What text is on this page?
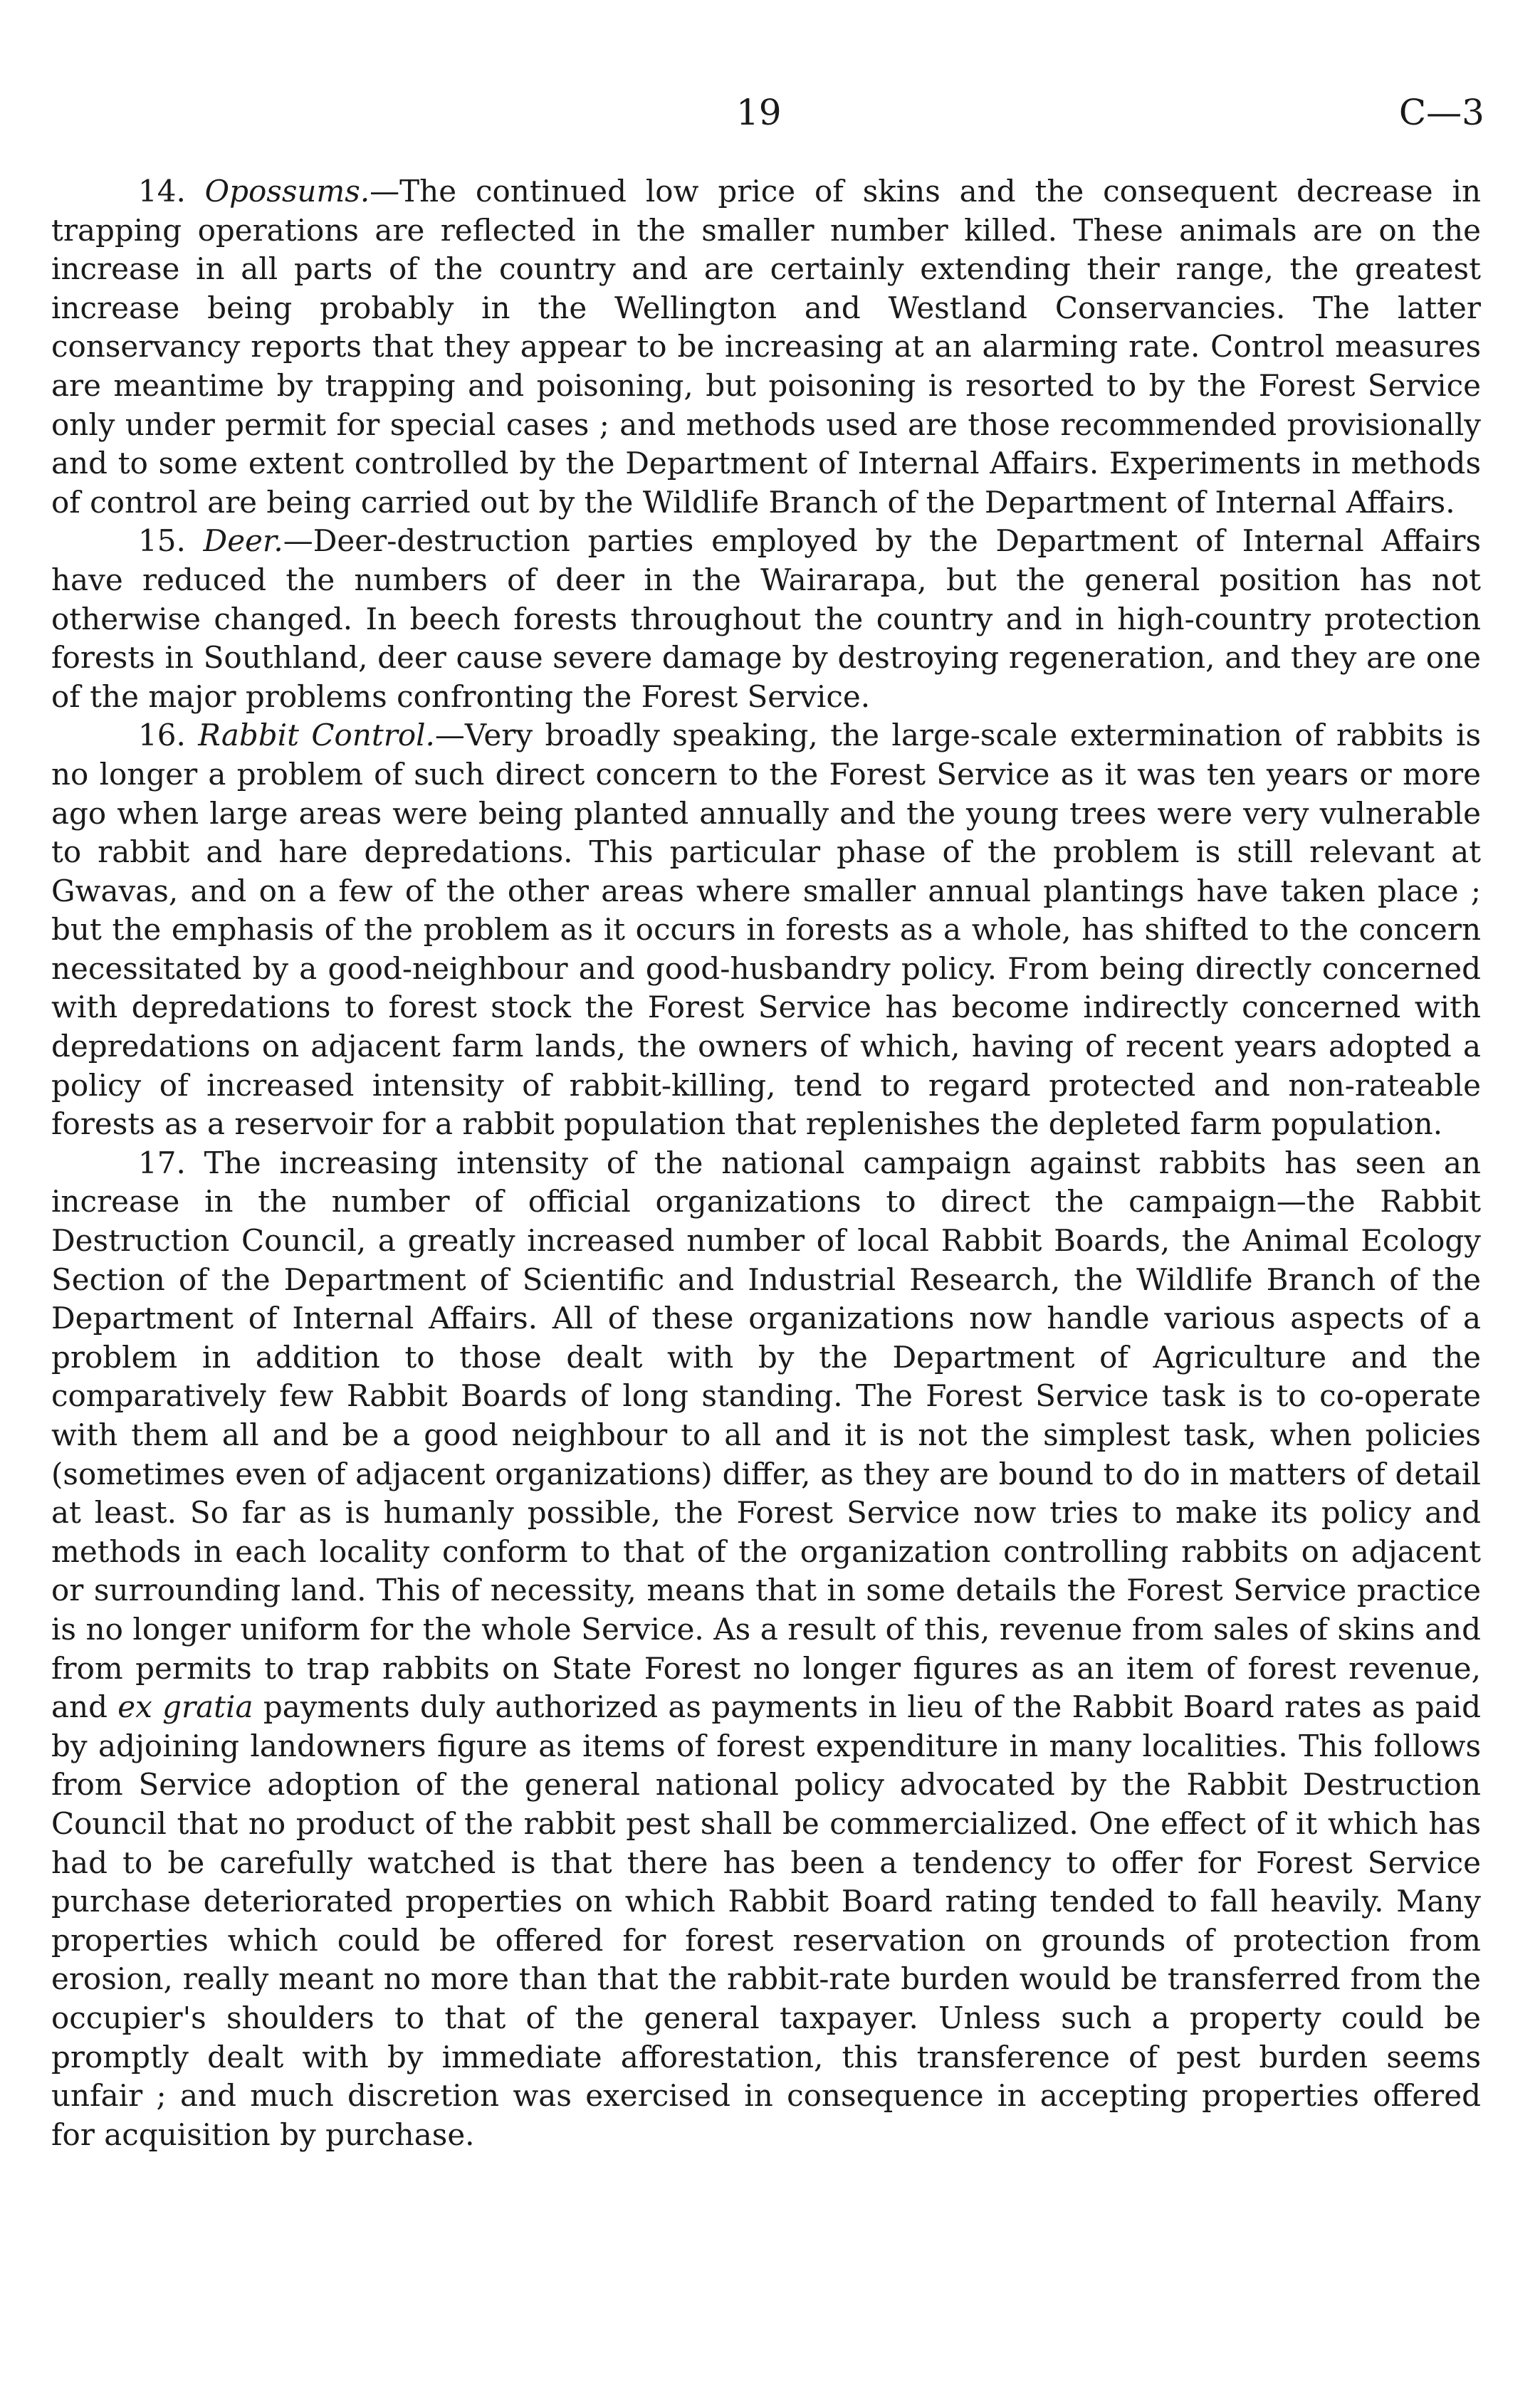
19	C—3

14. Opossums.—The continued low price of skins and the consequent decrease in trapping operations are reflected in the smaller number killed. These animals are on the increase in all parts of the country and are certainly extending their range, the greatest increase being probably in the Wellington and Westland Conservancies. The latter conservancy reports that they appear to be increasing at an alarming rate. Control measures are meantime by trapping and poisoning, but poisoning is resorted to by the Forest Service only under permit for special cases ; and methods used are those recommended provisionally and to some extent controlled by the Department of Internal Affairs. Experiments in methods of control are being carried out by the Wildlife Branch of the Department of Internal Affairs.

15. Deer.—Deer-destruction parties employed by the Department of Internal Affairs have reduced the numbers of deer in the Wairarapa, but the general position has not otherwise changed. In beech forests throughout the country and in high-country protection forests in Southland, deer cause severe damage by destroying regeneration, and they are one of the major problems confronting the Forest Service.

16. Rabbit Control.—Very broadly speaking, the large-scale extermination of rabbits is no longer a problem of such direct concern to the Forest Service as it was ten years or more ago when large areas were being planted annually and the young trees were very vulnerable to rabbit and hare depredations. This particular phase of the problem is still relevant at Gwavas, and on a few of the other areas where smaller annual plantings have taken place ; but the emphasis of the problem as it occurs in forests as a whole, has shifted to the concern necessitated by a good-neighbour and good-husbandry policy. From being directly concerned with depredations to forest stock the Forest Service has become indirectly concerned with depredations on adjacent farm lands, the owners of which, having of recent years adopted a policy of increased intensity of rabbit-killing, tend to regard protected and non-rateable forests as a reservoir for a rabbit population that replenishes the depleted farm population.

17. The increasing intensity of the national campaign against rabbits has seen an increase in the number of official organizations to direct the campaign—the Rabbit Destruction Council, a greatly increased number of local Rabbit Boards, the Animal Ecology Section of the Department of Scientific and Industrial Research, the Wildlife Branch of the Department of Internal Affairs. All of these organizations now handle various aspects of a problem in addition to those dealt with by the Department of Agriculture and the comparatively few Rabbit Boards of long standing. The Forest Service task is to co-operate with them all and be a good neighbour to all and it is not the simplest task, when policies (sometimes even of adjacent organizations) differ, as they are bound to do in matters of detail at least. So far as is humanly possible, the Forest Service now tries to make its policy and methods in each locality conform to that of the organization controlling rabbits on adjacent or surrounding land. This of necessity, means that in some details the Forest Service practice is no longer uniform for the whole Service. As a result of this, revenue from sales of skins and from permits to trap rabbits on State Forest no longer figures as an item of forest revenue, and ex gratia payments duly authorized as payments in lieu of the Rabbit Board rates as paid by adjoining landowners figure as items of forest expenditure in many localities. This follows from Service adoption of the general national policy advocated by the Rabbit Destruction Council that no product of the rabbit pest shall be commercialized. One effect of it which has had to be carefully watched is that there has been a tendency to offer for Forest Service purchase deteriorated properties on which Rabbit Board rating tended to fall heavily. Many properties which could be offered for forest reservation on grounds of protection from erosion, really meant no more than that the rabbit-rate burden would be transferred from the occupier's shoulders to that of the general taxpayer. Unless such a property could be promptly dealt with by immediate afforestation, this transference of pest burden seems unfair ; and much discretion was exercised in consequence in accepting properties offered for acquisition by purchase.
